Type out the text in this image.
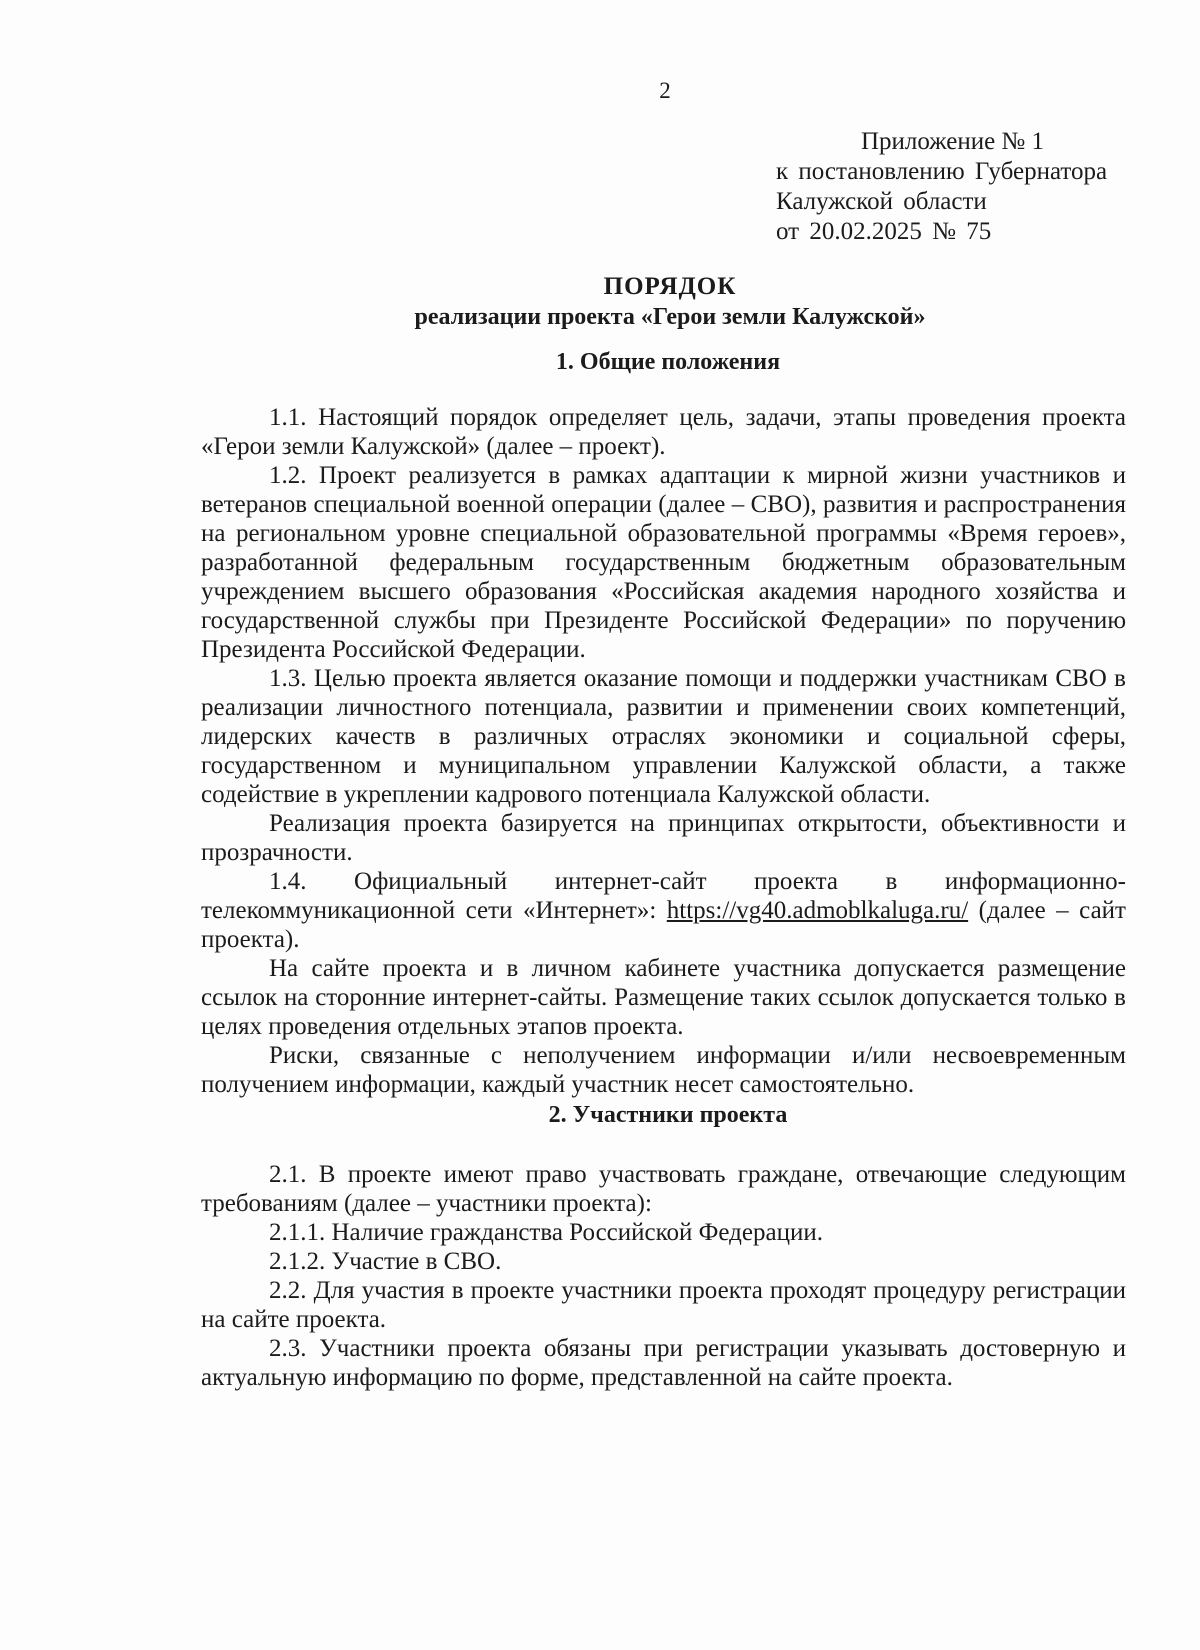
2
Приложение № 1
к постановлению Губернатора
Калужской области
от 20.02.2025 № 75
ПОРЯДОК
реализации проекта «Герои земли Калужской»
1. Общие положения

1.1. Настоящий порядок определяет цель, задачи, этапы проведения проекта «Герои земли Калужской» (далее – проект).

1.2. Проект реализуется в рамках адаптации к мирной жизни участников и ветеранов специальной военной операции (далее – СВО), развития и распространения на региональном уровне специальной образовательной программы «Время героев», разработанной федеральным государственным бюджетным образовательным учреждением высшего образования «Российская академия народного хозяйства и государственной службы при Президенте Российской Федерации» по поручению Президента Российской Федерации.

1.3. Целью проекта является оказание помощи и поддержки участникам СВО в реализации личностного потенциала, развитии и применении своих компетенций, лидерских качеств в различных отраслях экономики и социальной сферы, государственном и муниципальном управлении Калужской области, а также содействие в укреплении кадрового потенциала Калужской области.

Реализация проекта базируется на принципах открытости, объективности и прозрачности.

1.4. Официальный интернет-сайт проекта в информационно-телекоммуникационной сети «Интернет»: https://vg40.admoblkaluga.ru/ (далее – сайт проекта).

На сайте проекта и в личном кабинете участника допускается размещение ссылок на сторонние интернет-сайты. Размещение таких ссылок допускается только в целях проведения отдельных этапов проекта.

Риски, связанные с неполучением информации и/или несвоевременным получением информации, каждый участник несет самостоятельно.

2. Участники проекта

2.1. В проекте имеют право участвовать граждане, отвечающие следующим требованиям (далее – участники проекта):

2.1.1. Наличие гражданства Российской Федерации.

2.1.2. Участие в СВО.

2.2. Для участия в проекте участники проекта проходят процедуру регистрации на сайте проекта.

2.3. Участники проекта обязаны при регистрации указывать достоверную и актуальную информацию по форме, представленной на сайте проекта.
